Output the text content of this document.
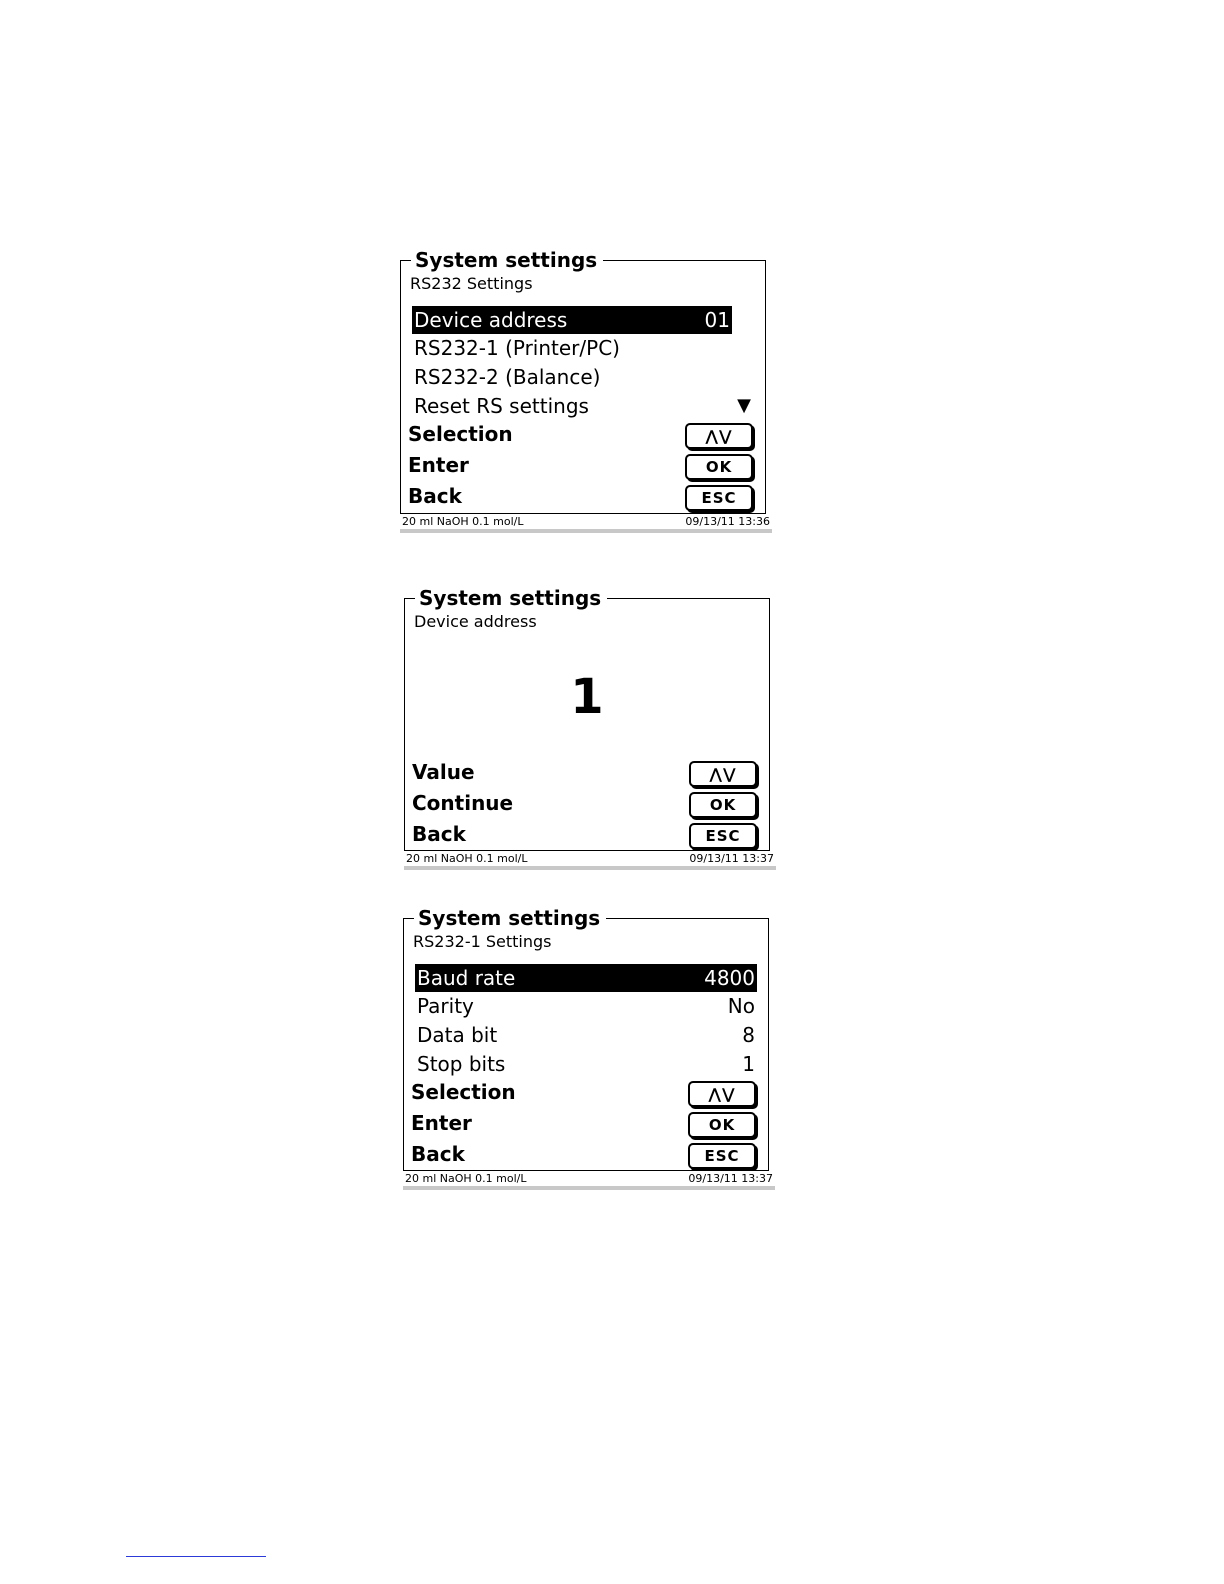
System settings
RS232 Settings
Device address	01
RS232-1 (Printer/PC)
RS232-2 (Balance)
Reset RS settings	▼
Selection	⋀⋁
Enter	OK
Back	ESC
20 ml NaOH 0.1 mol/L	09/13/11 13:36
System settings
Device address
1
Value	⋀⋁
Continue	OK
Back	ESC
20 ml NaOH 0.1 mol/L	09/13/11 13:37
System settings
RS232-1 Settings
Baud rate	4800
Parity	No
Data bit	8
Stop bits	1
Selection	⋀⋁
Enter	OK
Back	ESC
20 ml NaOH 0.1 mol/L	09/13/11 13:37
